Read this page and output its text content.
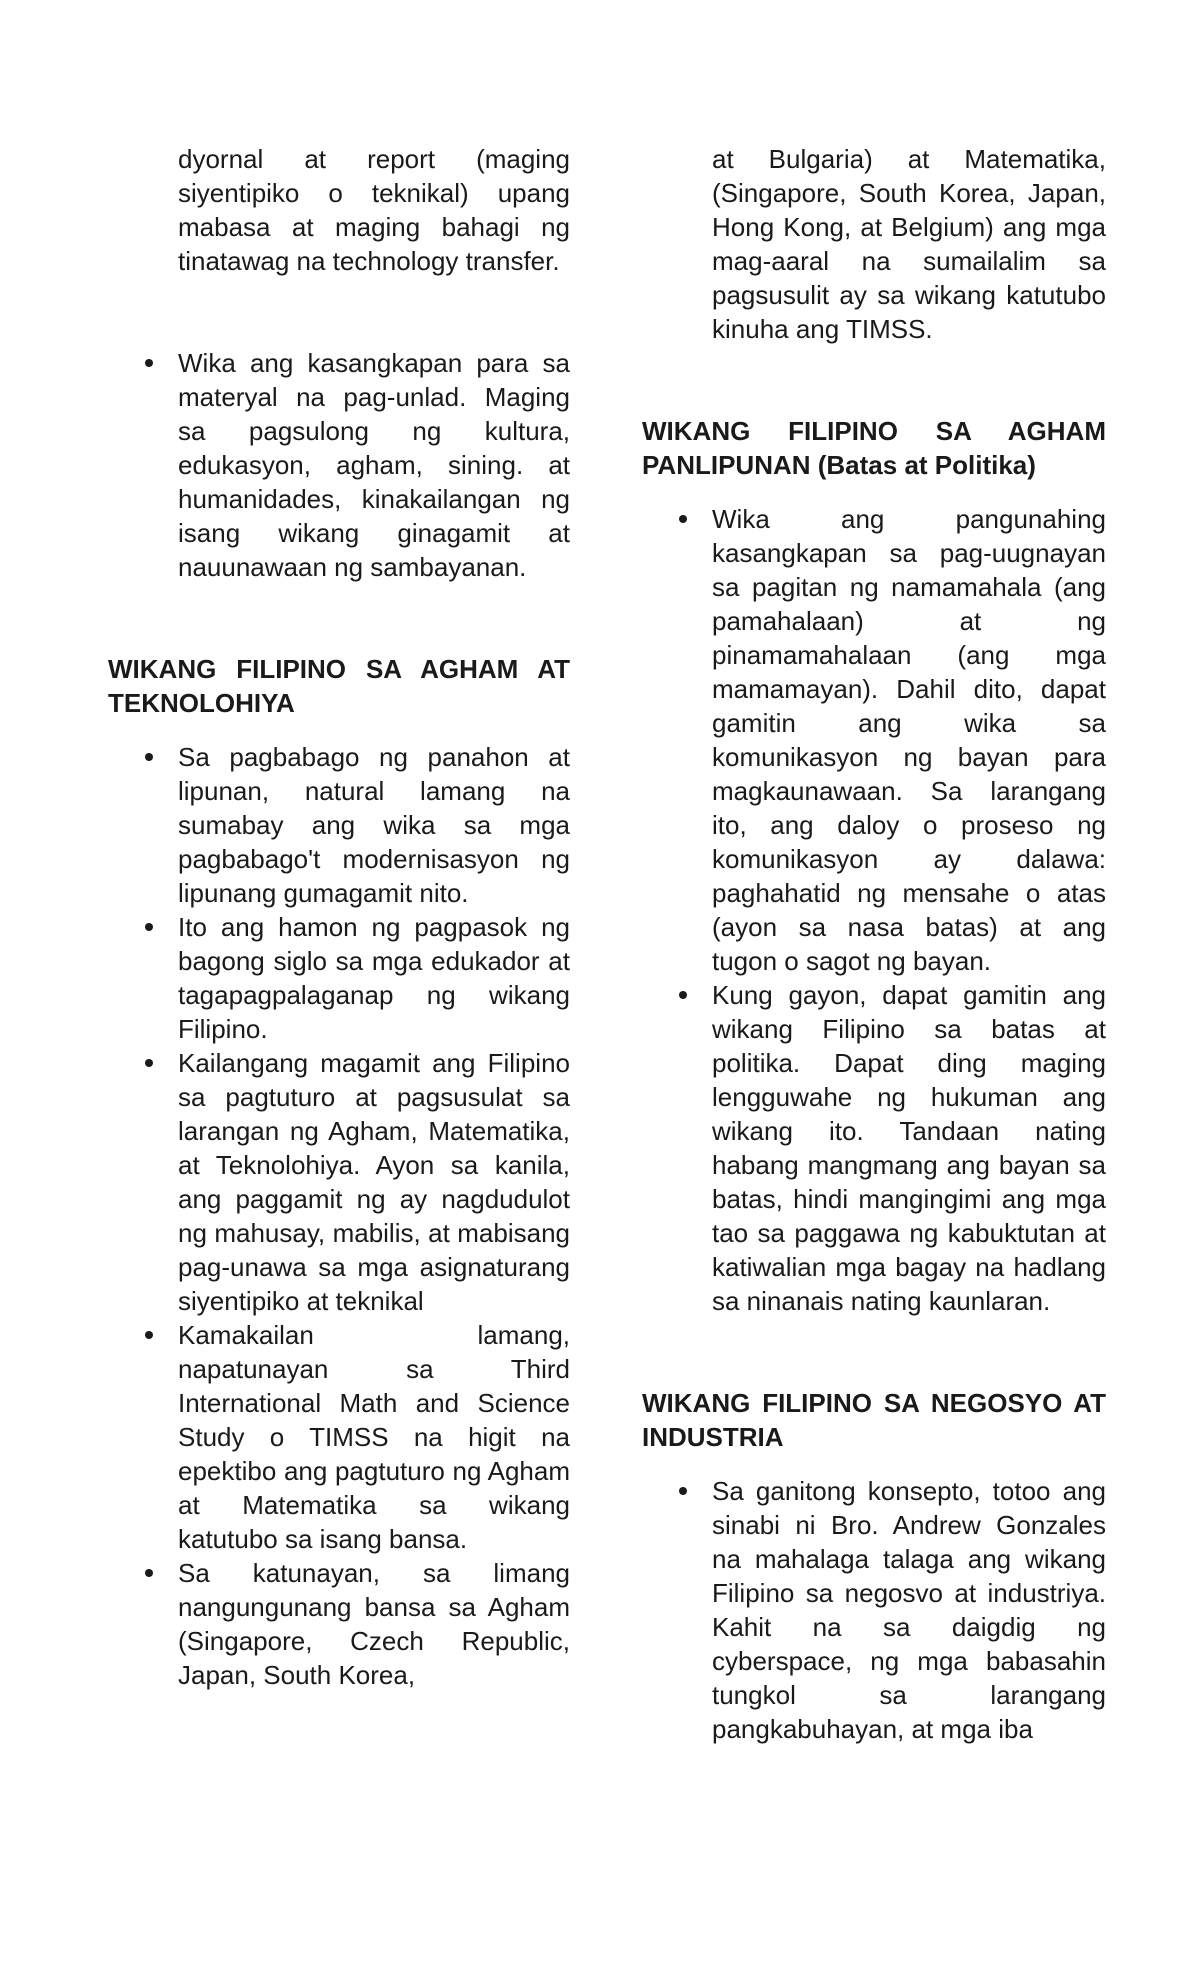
dyornal at report (maging siyentipiko o teknikal) upang mabasa at maging bahagi ng tinatawag na technology transfer.

Wika ang kasangkapan para sa materyal na pag-unlad. Maging sa pagsulong ng kultura, edukasyon, agham, sining. at humanidades, kinakailangan ng isang wikang ginagamit at nauunawaan ng sambayanan.
WIKANG FILIPINO SA AGHAM AT TEKNOLOHIYA
Sa pagbabago ng panahon at lipunan, natural lamang na sumabay ang wika sa mga pagbabago't modernisasyon ng lipunang gumagamit nito.
Ito ang hamon ng pagpasok ng bagong siglo sa mga edukador at tagapagpalaganap ng wikang Filipino.
Kailangang magamit ang Filipino sa pagtuturo at pagsusulat sa larangan ng Agham, Matematika, at Teknolohiya. Ayon sa kanila, ang paggamit ng ay nagdudulot ng mahusay, mabilis, at mabisang pag-unawa sa mga asignaturang siyentipiko at teknikal
Kamakailan lamang, napatunayan sa Third International Math and Science Study o TIMSS na higit na epektibo ang pagtuturo ng Agham at Matematika sa wikang katutubo sa isang bansa.
Sa katunayan, sa limang nangungunang bansa sa Agham (Singapore, Czech Republic, Japan, South Korea,

at Bulgaria) at Matematika, (Singapore, South Korea, Japan, Hong Kong, at Belgium) ang mga mag-aaral na sumailalim sa pagsusulit ay sa wikang katutubo kinuha ang TIMSS.

WIKANG FILIPINO SA AGHAM PANLIPUNAN (Batas at Politika)
Wika ang pangunahing kasangkapan sa pag-uugnayan sa pagitan ng namamahala (ang pamahalaan) at ng pinamamahalaan (ang mga mamamayan). Dahil dito, dapat gamitin ang wika sa komunikasyon ng bayan para magkaunawaan. Sa larangang ito, ang daloy o proseso ng komunikasyon ay dalawa: paghahatid ng mensahe o atas (ayon sa nasa batas) at ang tugon o sagot ng bayan.
Kung gayon, dapat gamitin ang wikang Filipino sa batas at politika. Dapat ding maging lengguwahe ng hukuman ang wikang ito. Tandaan nating habang mangmang ang bayan sa batas, hindi mangingimi ang mga tao sa paggawa ng kabuktutan at katiwalian mga bagay na hadlang sa ninanais nating kaunlaran.
WIKANG FILIPINO SA NEGOSYO AT INDUSTRIA
Sa ganitong konsepto, totoo ang sinabi ni Bro. Andrew Gonzales na mahalaga talaga ang wikang Filipino sa negosvo at industriya. Kahit na sa daigdig ng cyberspace, ng mga babasahin tungkol sa larangang pangkabuhayan, at mga iba
